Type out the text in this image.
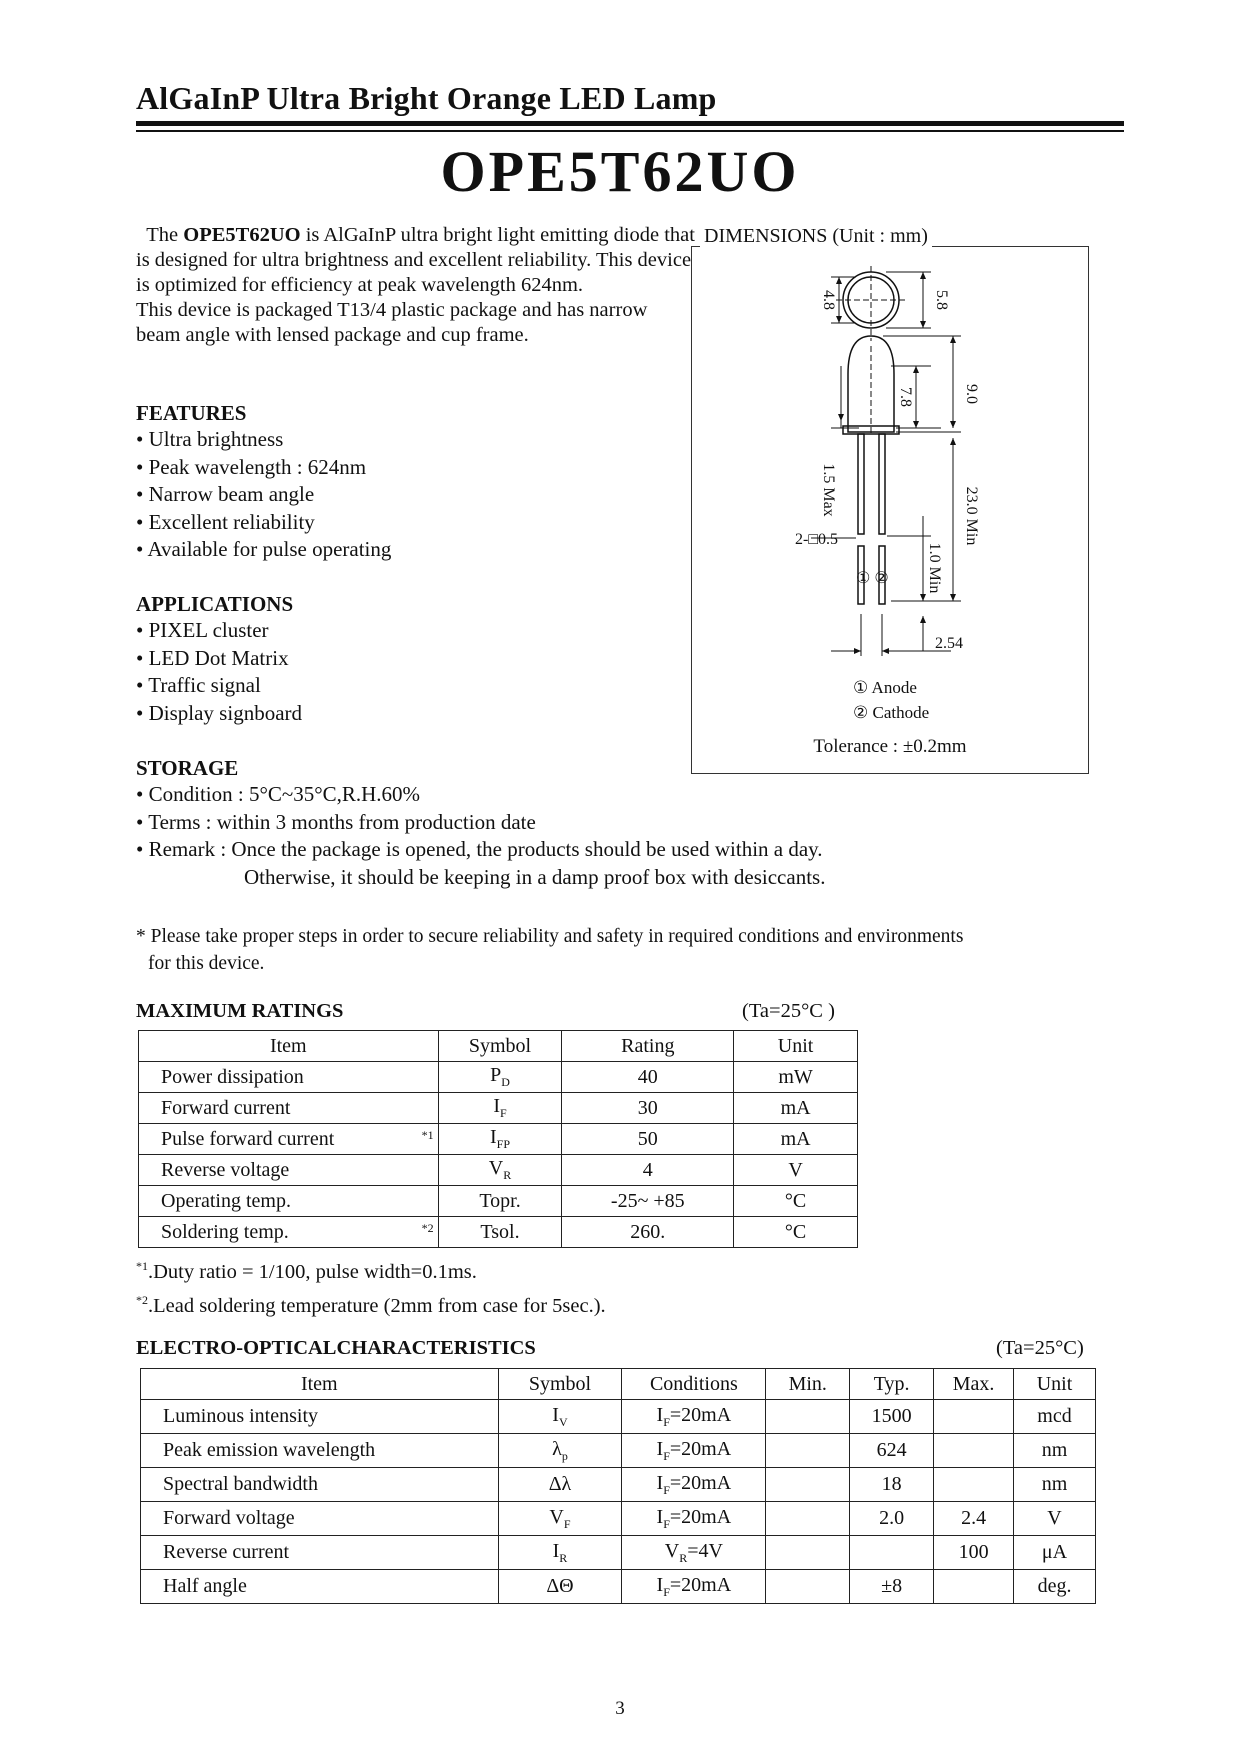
AlGaInP Ultra Bright Orange LED Lamp
OPE5T62UO

The OPE5T62UO is AlGaInP ultra bright light emitting diode that is designed for ultra brightness and excellent reliability. This device is optimized for efficiency at peak wavelength 624nm.

This device is packaged T13/4 plastic package and has narrow beam angle with lensed package and cup frame.

FEATURES
• Ultra brightness
• Peak wavelength : 624nm
• Narrow beam angle
• Excellent reliability
• Available for pulse operating
APPLICATIONS
• PIXEL cluster
• LED Dot Matrix
• Traffic signal
• Display signboard
STORAGE
• Condition : 5°C~35°C,R.H.60%
• Terms : within 3 months from production date
• Remark : Once the package is opened, the products should be used within a day.
Otherwise, it should be keeping in a damp proof box with desiccants.
* Please take proper steps in order to secure reliability and safety in required conditions and environments
for this device.
DIMENSIONS (Unit : mm)
4.8	5.8
7.8	9.0
1.5 Max	23.0 Min
1.0 Min
2-□0.5
① ②
2.54
① Anode
② Cathode
Tolerance : ±0.2mm
MAXIMUM RATINGS	(Ta=25°C )
Item	Symbol	Rating	Unit
Power dissipation	$P_D$	40	mW
Forward current	$I_F$	30	mA
Pulse forward current *1	$I_{FP}$	50	mA
Reverse voltage	$V_R$	4	V
Operating temp.	Topr.	-25~ +85	°C
Soldering temp. *2	Tsol.	260.	°C
$^{*1}$.Duty ratio = 1/100, pulse width=0.1ms.
$^{*2}$.Lead soldering temperature (2mm from case for 5sec.).
ELECTRO-OPTICALCHARACTERISTICS	(Ta=25°C)
Item	Symbol	Conditions	Min.	Typ.	Max.	Unit
Luminous intensity	$I_V$	$I_F=20mA$		1500		mcd
Peak emission wavelength	$\lambda_p$	$I_F=20mA$		624		nm
Spectral bandwidth	Δλ	$I_F=20mA$		18		nm
Forward voltage	$V_F$	$I_F=20mA$		2.0	2.4	V
Reverse current	$I_R$	$V_R=4V$			100	μA
Half angle	ΔΘ	$I_F=20mA$		±8		deg.
3
